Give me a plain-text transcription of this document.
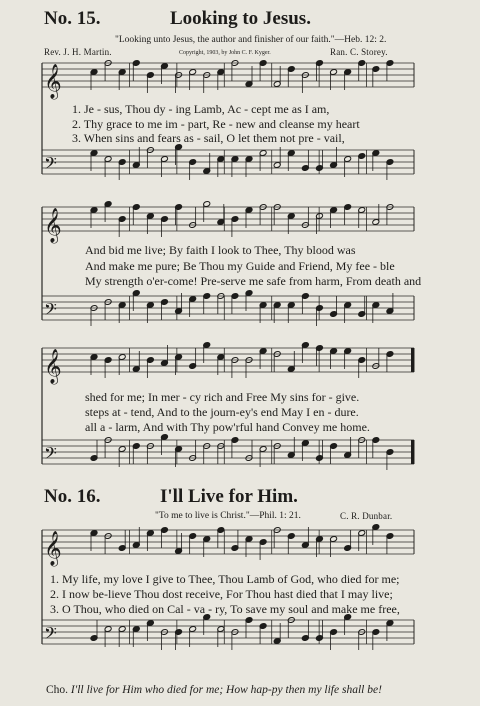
𝄞
𝄢
𝄞
𝄢
𝄞
𝄢
𝄞
𝄢
No. 15.	Looking to Jesus.
"Looking unto Jesus, the author and finisher of our faith."—Heb. 12: 2.
Rev. J. H. Martin.	Copyright, 1903, by John C. F. Kyger.	Ran. C. Storey.
1. Je - sus, Thou dy - ing Lamb, Ac - cept me as I am,
2. Thy grace to me im - part, Re - new and cleanse my heart
3. When sins and fears as - sail, O let them not pre - vail,
And bid me live; By faith I look to Thee, Thy blood was
And make me pure; Be Thou my Guide and Friend, My fee - ble
My strength o'er-come! Pre-serve me safe from harm, From death and
shed for me; In mer - cy rich and Free My sins for - give.
steps at - tend, And to the journ-ey's end May I en - dure.
all a - larm, And with Thy pow'rful hand Convey me home.
No. 16.	I'll Live for Him.
"To me to live is Christ."—Phil. 1: 21.	C. R. Dunbar.
1. My life, my love I give to Thee, Thou Lamb of God, who died for me;
2. I now be-lieve Thou dost receive, For Thou hast died that I may live;
3. O Thou, who died on Cal - va - ry, To save my soul and make me free,
Cho. I'll live for Him who died for me; How hap-py then my life shall be!
